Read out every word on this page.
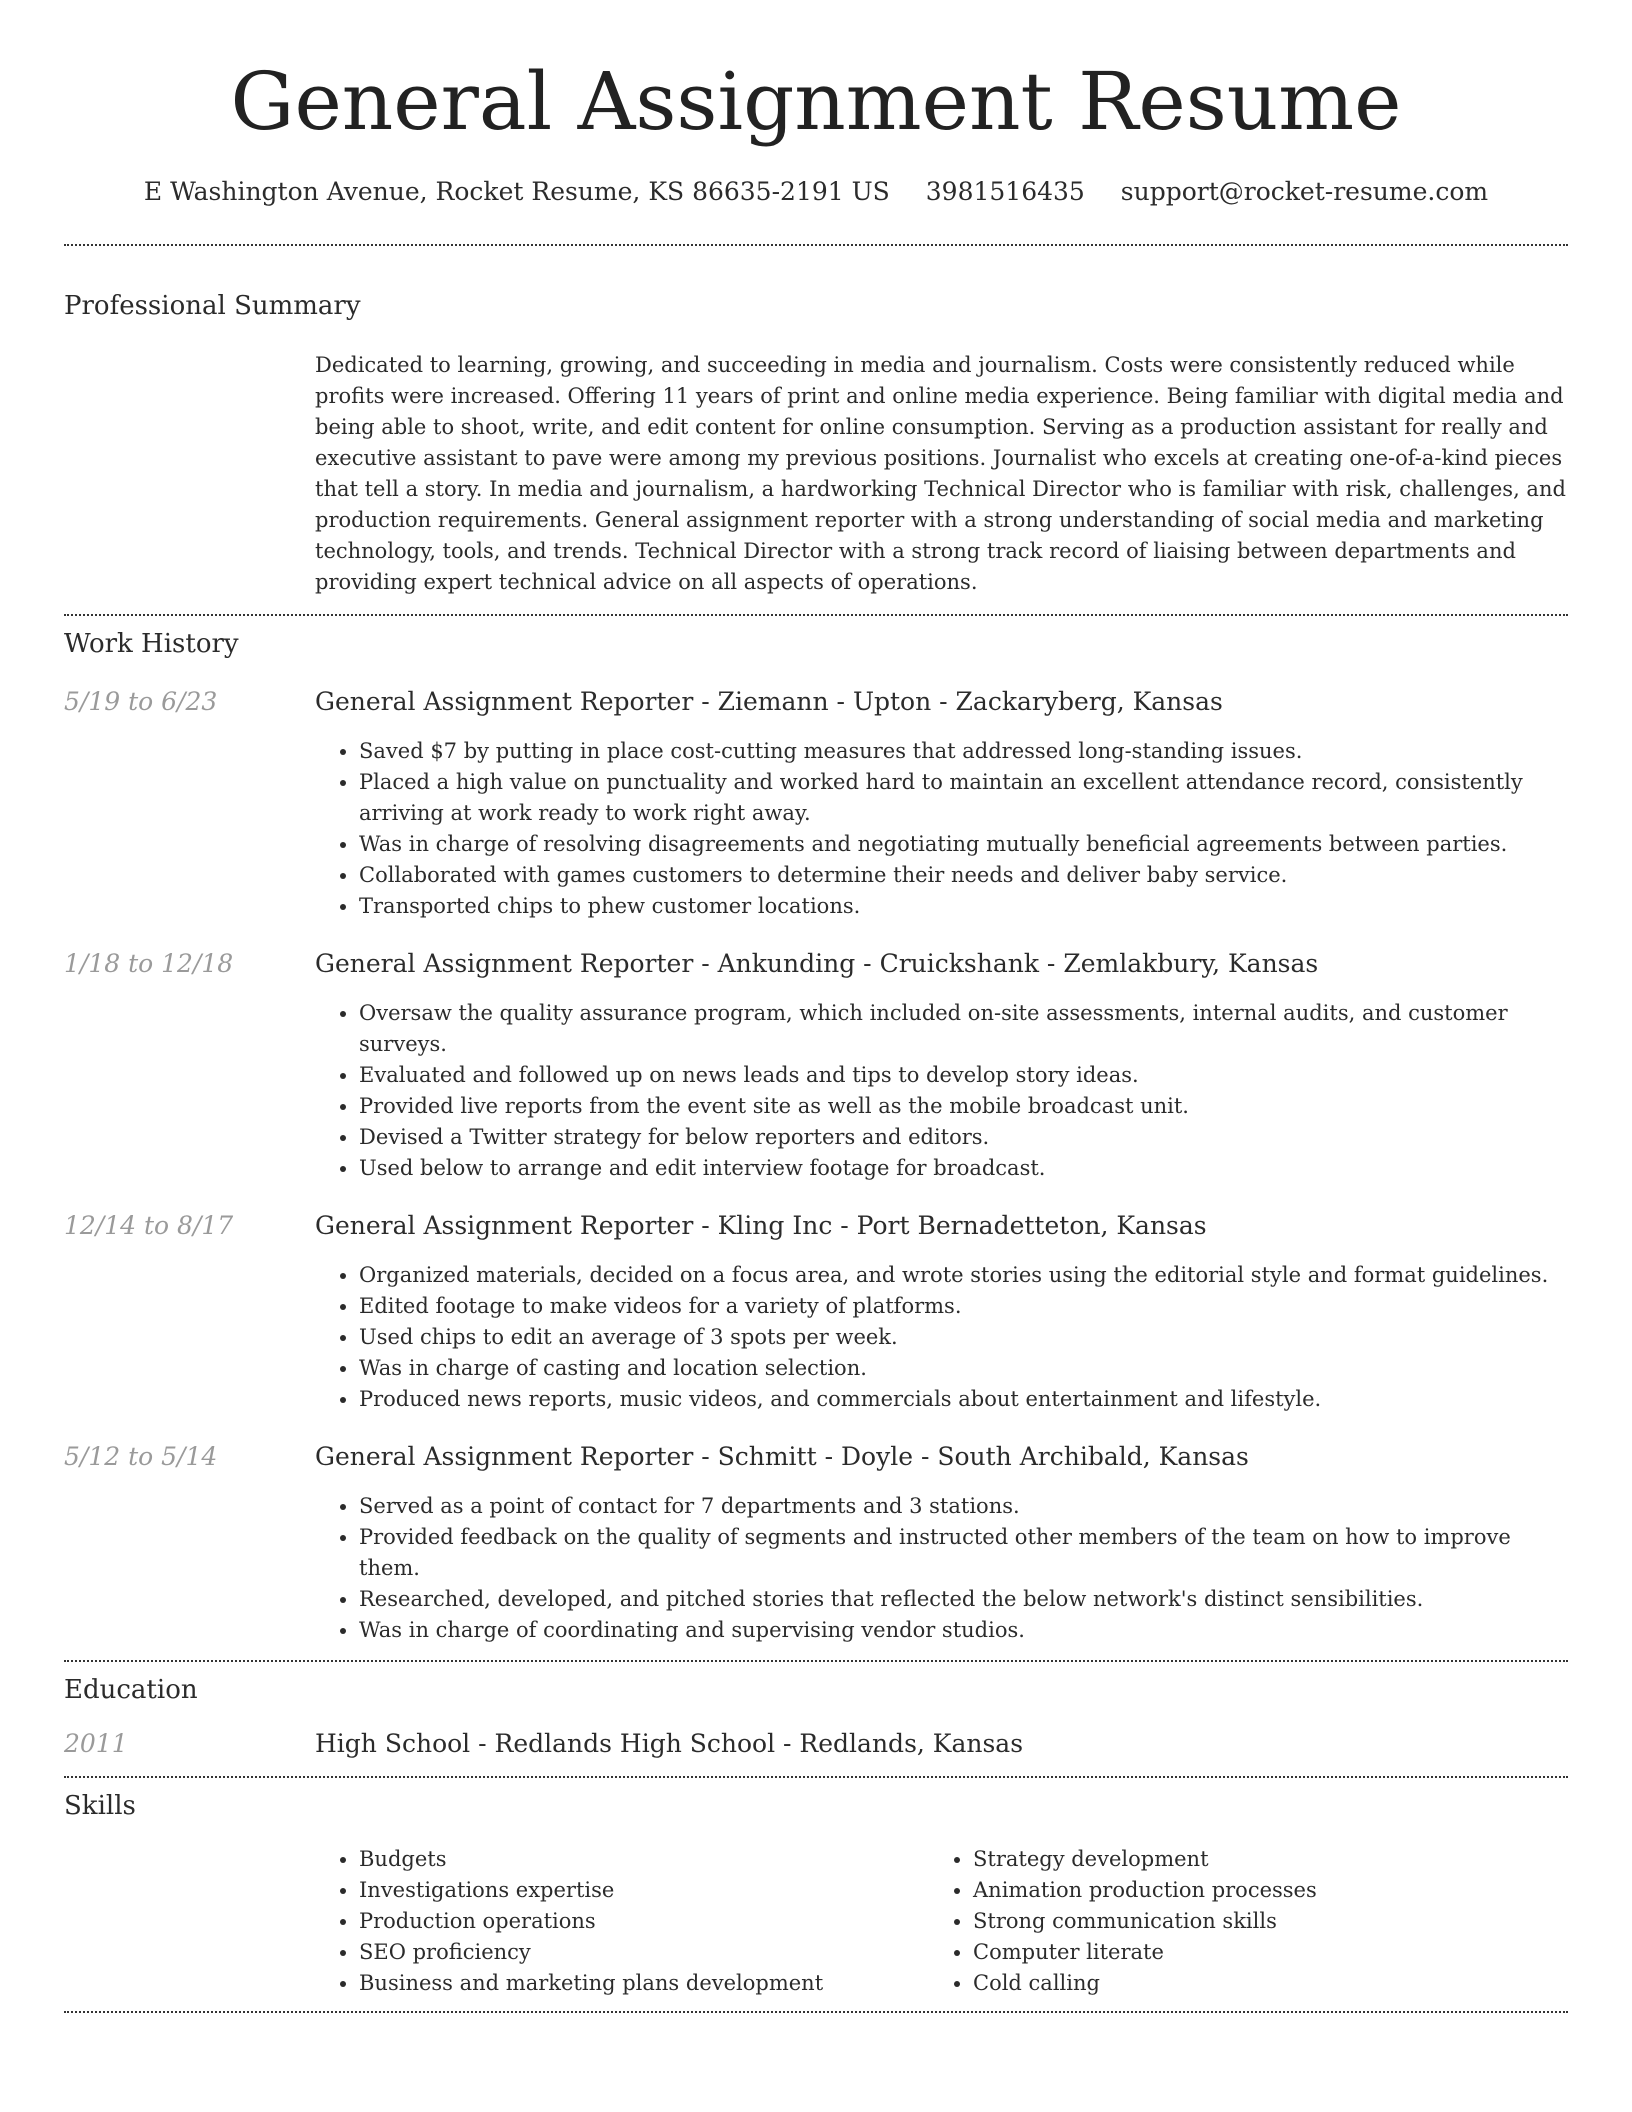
General Assignment Resume
E Washington Avenue, Rocket Resume, KS 86635-2191 US 3981516435 support@rocket-resume.com
Professional Summary
Dedicated to learning, growing, and succeeding in media and journalism. Costs were consistently reduced while profits were increased. Offering 11 years of print and online media experience. Being familiar with digital media and being able to shoot, write, and edit content for online consumption. Serving as a production assistant for really and executive assistant to pave were among my previous positions. Journalist who excels at creating one-of-a-kind pieces that tell a story. In media and journalism, a hardworking Technical Director who is familiar with risk, challenges, and production requirements. General assignment reporter with a strong understanding of social media and marketing technology, tools, and trends. Technical Director with a strong track record of liaising between departments and providing expert technical advice on all aspects of operations.
Work History
5/19 to 6/23	General Assignment Reporter - Ziemann - Upton - Zackaryberg, Kansas
• Saved $7 by putting in place cost-cutting measures that addressed long-standing issues.
• Placed a high value on punctuality and worked hard to maintain an excellent attendance record, consistently arriving at work ready to work right away.
• Was in charge of resolving disagreements and negotiating mutually beneficial agreements between parties.
• Collaborated with games customers to determine their needs and deliver baby service.
• Transported chips to phew customer locations.
1/18 to 12/18	General Assignment Reporter - Ankunding - Cruickshank - Zemlakbury, Kansas
• Oversaw the quality assurance program, which included on-site assessments, internal audits, and customer surveys.
• Evaluated and followed up on news leads and tips to develop story ideas.
• Provided live reports from the event site as well as the mobile broadcast unit.
• Devised a Twitter strategy for below reporters and editors.
• Used below to arrange and edit interview footage for broadcast.
12/14 to 8/17	General Assignment Reporter - Kling Inc - Port Bernadetteton, Kansas
• Organized materials, decided on a focus area, and wrote stories using the editorial style and format guidelines.
• Edited footage to make videos for a variety of platforms.
• Used chips to edit an average of 3 spots per week.
• Was in charge of casting and location selection.
• Produced news reports, music videos, and commercials about entertainment and lifestyle.
5/12 to 5/14	General Assignment Reporter - Schmitt - Doyle - South Archibald, Kansas
• Served as a point of contact for 7 departments and 3 stations.
• Provided feedback on the quality of segments and instructed other members of the team on how to improve them.
• Researched, developed, and pitched stories that reflected the below network's distinct sensibilities.
• Was in charge of coordinating and supervising vendor studios.
Education
2011	High School - Redlands High School - Redlands, Kansas
Skills
• Budgets
• Investigations expertise
• Production operations
• SEO proficiency
• Business and marketing plans development
• Strategy development
• Animation production processes
• Strong communication skills
• Computer literate
• Cold calling
